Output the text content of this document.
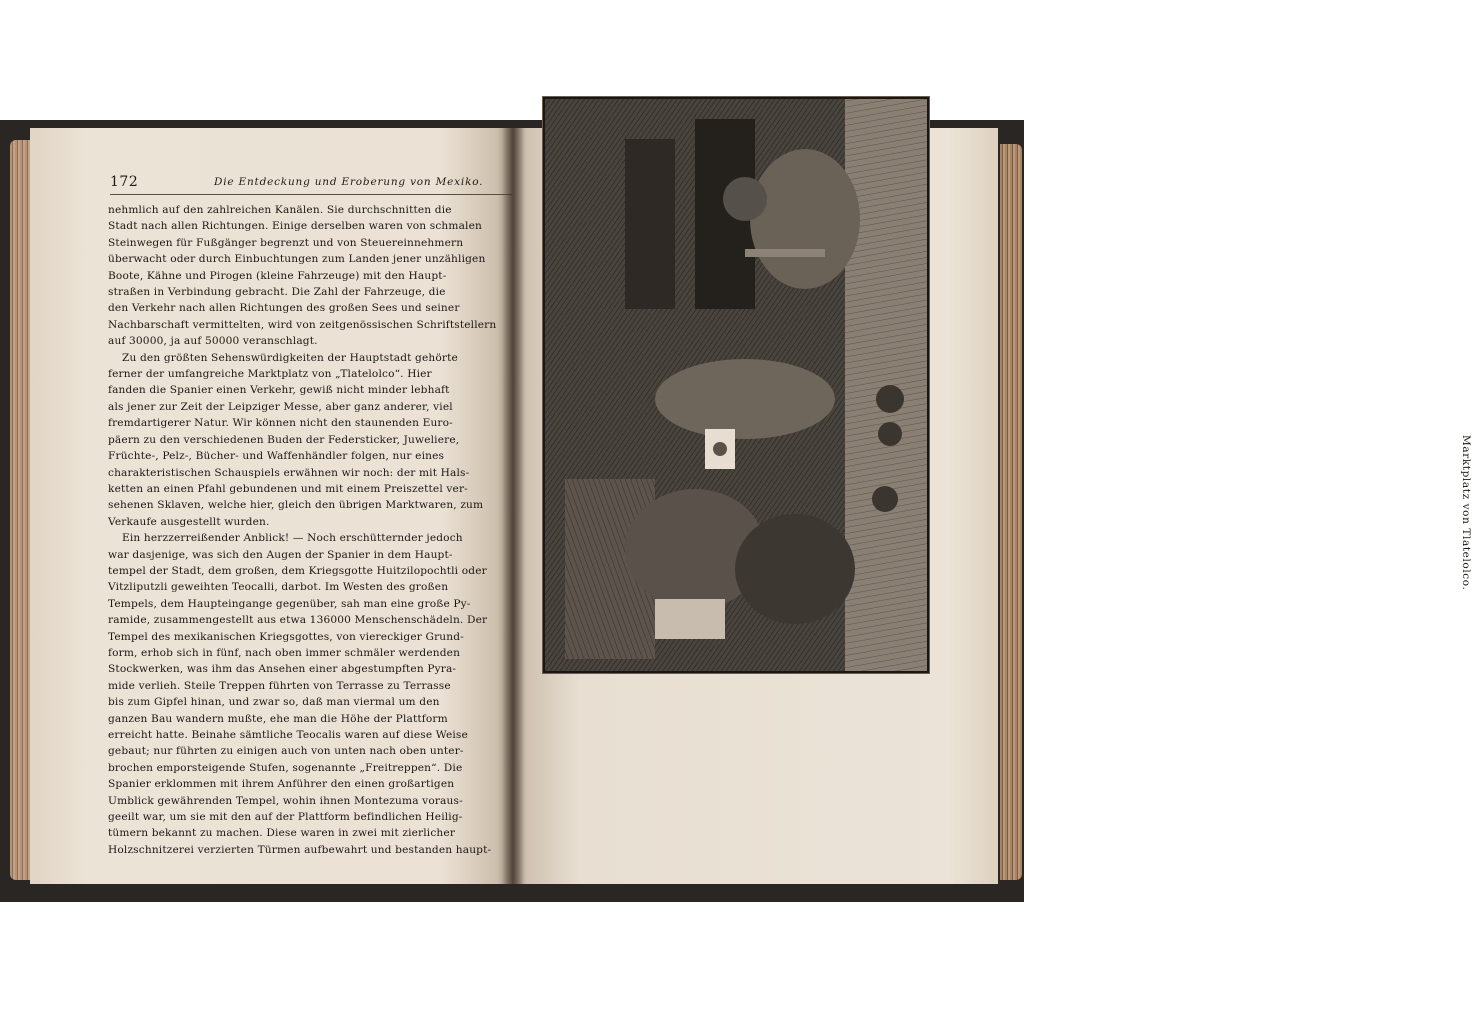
172	Die Entdeckung und Eroberung von Mexiko.
nehmlich auf den zahlreichen Kanälen. Sie durchschnitten die
Stadt nach allen Richtungen. Einige derselben waren von schmalen
Steinwegen für Fußgänger begrenzt und von Steuereinnehmern
überwacht oder durch Einbuchtungen zum Landen jener unzähligen
Boote, Kähne und Pirogen (kleine Fahrzeuge) mit den Haupt-
straßen in Verbindung gebracht. Die Zahl der Fahrzeuge, die
den Verkehr nach allen Richtungen des großen Sees und seiner
Nachbarschaft vermittelten, wird von zeitgenössischen Schriftstellern
auf 30000, ja auf 50000 veranschlagt.
Zu den größten Sehenswürdigkeiten der Hauptstadt gehörte
ferner der umfangreiche Marktplatz von „Tlatelolco“. Hier
fanden die Spanier einen Verkehr, gewiß nicht minder lebhaft
als jener zur Zeit der Leipziger Messe, aber ganz anderer, viel
fremdartigerer Natur. Wir können nicht den staunenden Euro-
päern zu den verschiedenen Buden der Federsticker, Juweliere,
Früchte-, Pelz-, Bücher- und Waffenhändler folgen, nur eines
charakteristischen Schauspiels erwähnen wir noch: der mit Hals-
ketten an einen Pfahl gebundenen und mit einem Preiszettel ver-
sehenen Sklaven, welche hier, gleich den übrigen Marktwaren, zum
Verkaufe ausgestellt wurden.
Ein herzzerreißender Anblick! — Noch erschütternder jedoch
war dasjenige, was sich den Augen der Spanier in dem Haupt-
tempel der Stadt, dem großen, dem Kriegsgotte Huitzilopochtli oder
Vitzliputzli geweihten Teocalli, darbot. Im Westen des großen
Tempels, dem Haupteingange gegenüber, sah man eine große Py-
ramide, zusammengestellt aus etwa 136000 Menschenschädeln. Der
Tempel des mexikanischen Kriegsgottes, von viereckiger Grund-
form, erhob sich in fünf, nach oben immer schmäler werdenden
Stockwerken, was ihm das Ansehen einer abgestumpften Pyra-
mide verlieh. Steile Treppen führten von Terrasse zu Terrasse
bis zum Gipfel hinan, und zwar so, daß man viermal um den
ganzen Bau wandern mußte, ehe man die Höhe der Plattform
erreicht hatte. Beinahe sämtliche Teocalis waren auf diese Weise
gebaut; nur führten zu einigen auch von unten nach oben unter-
brochen emporsteigende Stufen, sogenannte „Freitreppen“. Die
Spanier erklommen mit ihrem Anführer den einen großartigen
Umblick gewährenden Tempel, wohin ihnen Montezuma voraus-
geeilt war, um sie mit den auf der Plattform befindlichen Heilig-
tümern bekannt zu machen. Diese waren in zwei mit zierlicher
Holzschnitzerei verzierten Türmen aufbewahrt und bestanden haupt-
Marktplatz von Tlatelolco.
